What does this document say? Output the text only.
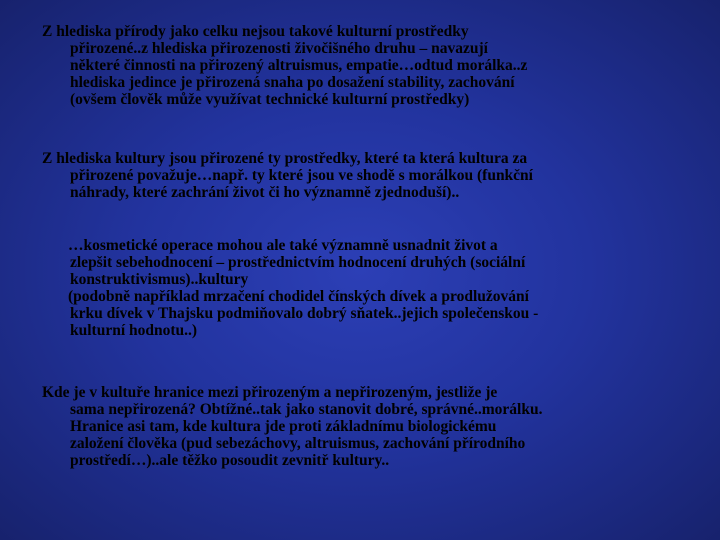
Z hlediska přírody jako celku nejsou takové kulturní prostředky
přirozené..z hlediska přirozenosti živočišného druhu – navazují
některé činnosti na přirozený altruismus, empatie…odtud morálka..z
hlediska jedince je přirozená snaha po dosažení stability, zachování
(ovšem člověk může využívat technické kulturní prostředky)
Z hlediska kultury jsou přirozené ty prostředky, které ta která kultura za
přirozené považuje…např. ty které jsou ve shodě s morálkou (funkční
náhrady, které zachrání život či ho významně zjednoduší)..
…kosmetické operace mohou ale také významně usnadnit život a
zlepšit sebehodnocení – prostřednictvím hodnocení druhých (sociální
konstruktivismus)..kultury
(podobně například mrzačení chodidel čínských dívek a prodlužování
krku dívek v Thajsku podmiňovalo dobrý sňatek..jejich společenskou -
kulturní hodnotu..)
Kde je v kultuře hranice mezi přirozeným a nepřirozeným, jestliže je
sama nepřirozená? Obtížné..tak jako stanovit dobré, správné..morálku.
Hranice asi tam, kde kultura jde proti základnímu biologickému
založení člověka (pud sebezáchovy, altruismus, zachování přírodního
prostředí…)..ale těžko posoudit zevnitř kultury..
